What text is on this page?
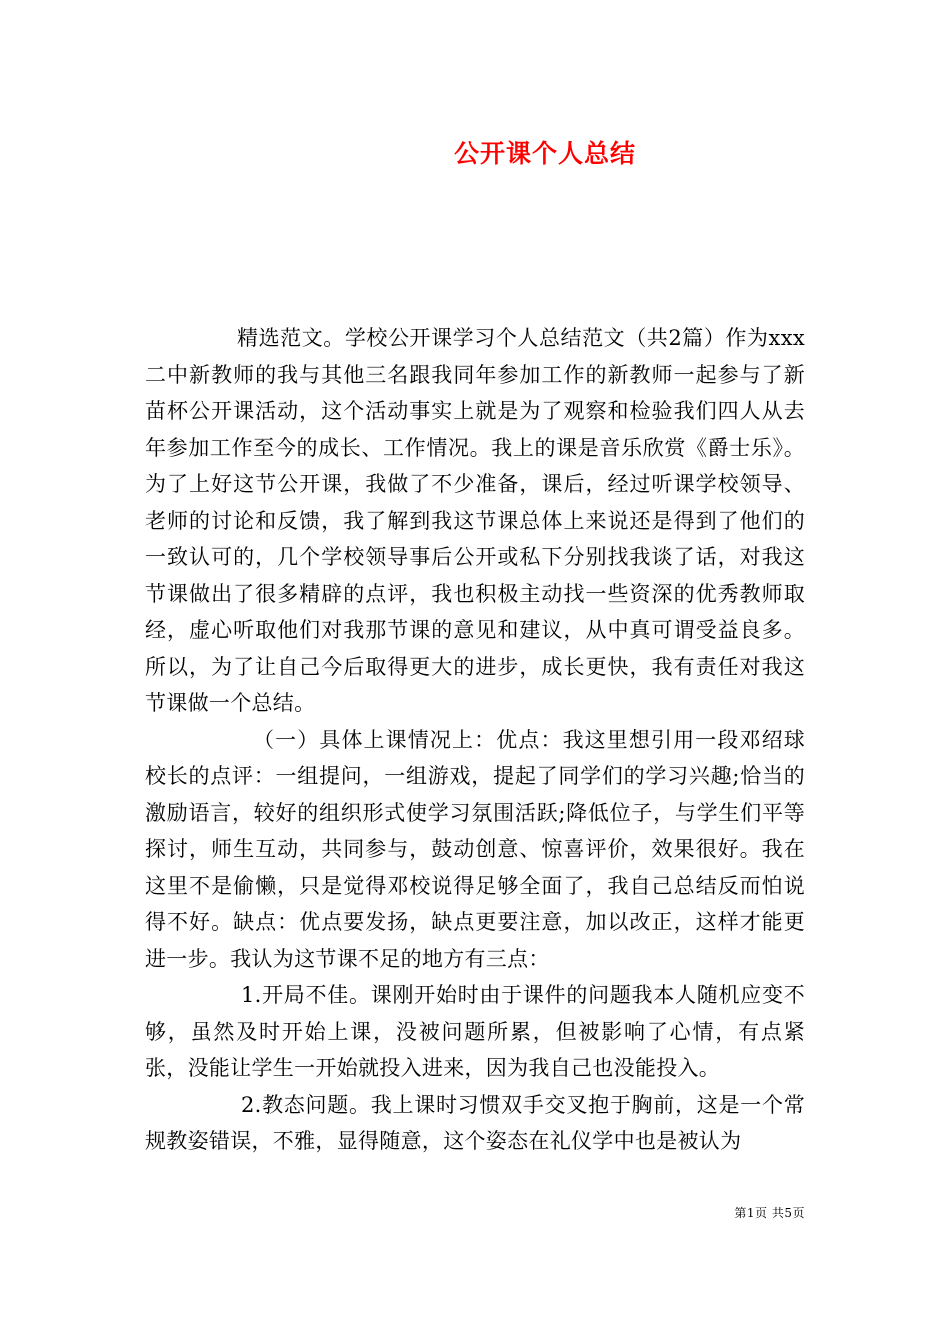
公开课个人总结

精选范文。学校公开课学习个人总结范文（共2篇）作为xxx二中新教师的我与其他三名跟我同年参加工作的新教师一起参与了新苗杯公开课活动，这个活动事实上就是为了观察和检验我们四人从去年参加工作至今的成长、工作情况。我上的课是音乐欣赏《爵士乐》。为了上好这节公开课，我做了不少准备，课后，经过听课学校领导、老师的讨论和反馈，我了解到我这节课总体上来说还是得到了他们的一致认可的，几个学校领导事后公开或私下分别找我谈了话，对我这节课做出了很多精辟的点评，我也积极主动找一些资深的优秀教师取经，虚心听取他们对我那节课的意见和建议，从中真可谓受益良多。所以，为了让自己今后取得更大的进步，成长更快，我有责任对我这节课做一个总结。

（一）具体上课情况上：优点：我这里想引用一段邓绍球校长的点评：一组提问，一组游戏，提起了同学们的学习兴趣;恰当的激励语言，较好的组织形式使学习氛围活跃;降低位子，与学生们平等探讨，师生互动，共同参与，鼓动创意、惊喜评价，效果很好。我在这里不是偷懒，只是觉得邓校说得足够全面了，我自己总结反而怕说得不好。缺点：优点要发扬，缺点更要注意，加以改正，这样才能更进一步。我认为这节课不足的地方有三点：

1.开局不佳。课刚开始时由于课件的问题我本人随机应变不够，虽然及时开始上课，没被问题所累，但被影响了心情，有点紧张，没能让学生一开始就投入进来，因为我自己也没能投入。

2.教态问题。我上课时习惯双手交叉抱于胸前，这是一个常规教姿错误，不雅，显得随意，这个姿态在礼仪学中也是被认为

第1页 共5页
